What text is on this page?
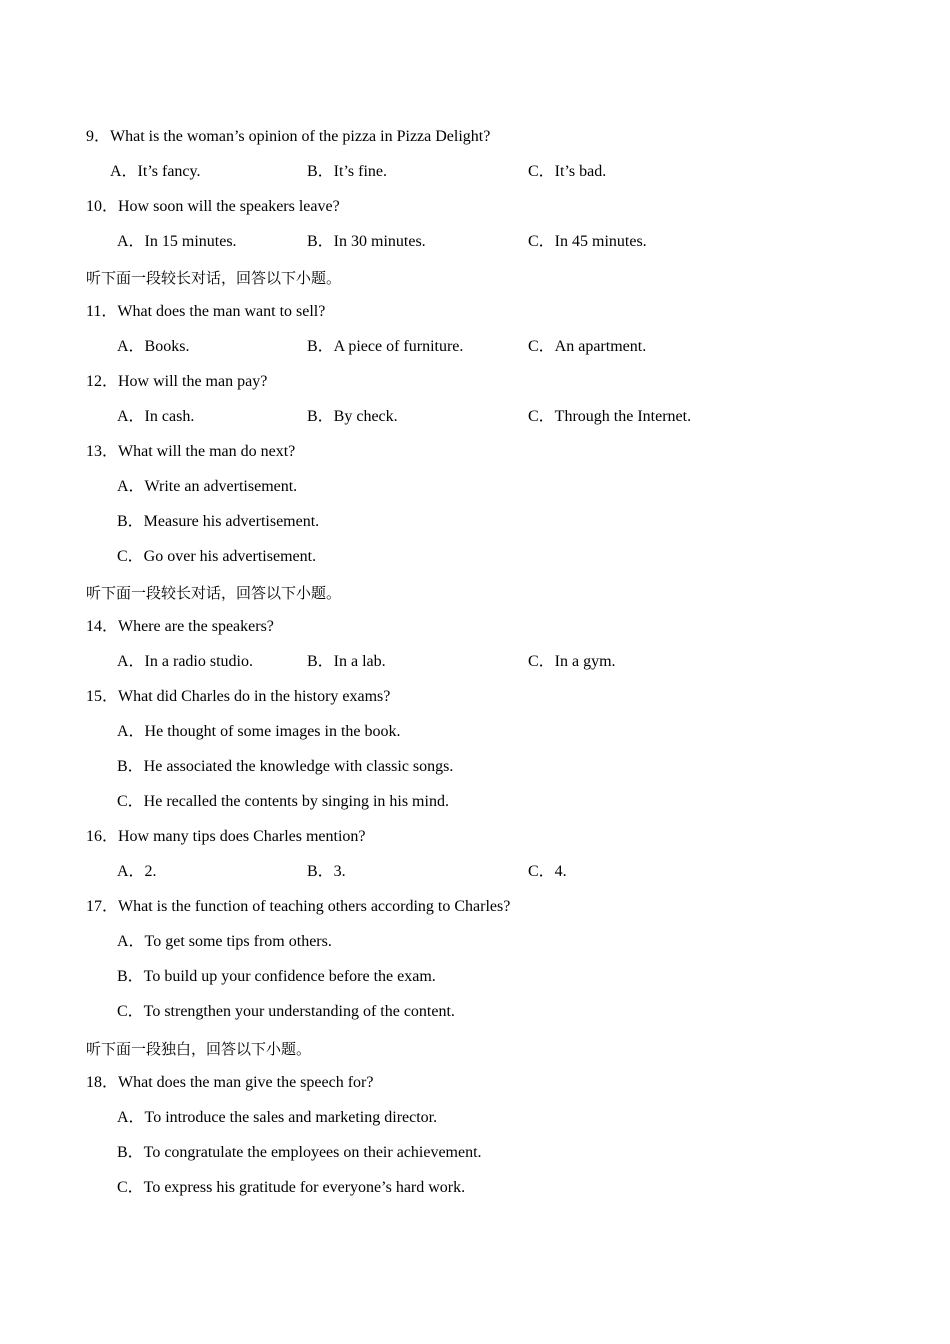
9．What is the woman’s opinion of the pizza in Pizza Delight?
A．It’s fancy.	B．It’s fine.	C．It’s bad.
10．How soon will the speakers leave?
A．In 15 minutes.	B．In 30 minutes.	C．In 45 minutes.
听下面一段较长对话，回答以下小题。
11．What does the man want to sell?
A．Books.	B．A piece of furniture.	C．An apartment.
12．How will the man pay?
A．In cash.	B．By check.	C．Through the Internet.
13．What will the man do next?
A．Write an advertisement.
B．Measure his advertisement.
C．Go over his advertisement.
听下面一段较长对话，回答以下小题。
14．Where are the speakers?
A．In a radio studio.	B．In a lab.	C．In a gym.
15．What did Charles do in the history exams?
A．He thought of some images in the book.
B．He associated the knowledge with classic songs.
C．He recalled the contents by singing in his mind.
16．How many tips does Charles mention?
A．2.	B．3.	C．4.
17．What is the function of teaching others according to Charles?
A．To get some tips from others.
B．To build up your confidence before the exam.
C．To strengthen your understanding of the content.
听下面一段独白，回答以下小题。
18．What does the man give the speech for?
A．To introduce the sales and marketing director.
B．To congratulate the employees on their achievement.
C．To express his gratitude for everyone’s hard work.
